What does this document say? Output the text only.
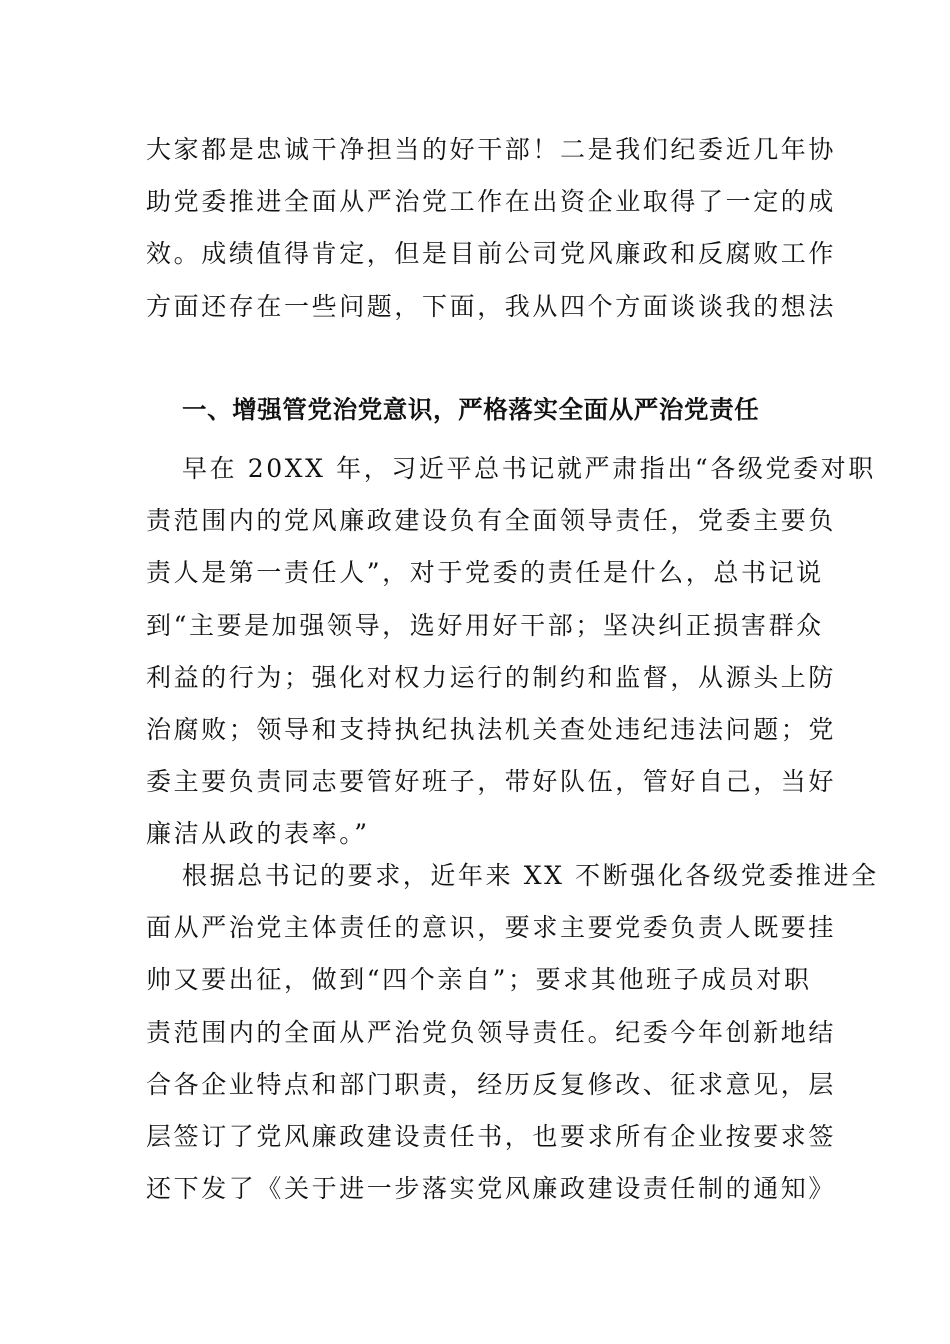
大家都是忠诚干净担当的好干部！二是我们纪委近几年协
助党委推进全面从严治党工作在出资企业取得了一定的成
效。成绩值得肯定，但是目前公司党风廉政和反腐败工作
方面还存在一些问题，下面，我从四个方面谈谈我的想法
一、增强管党治党意识，严格落实全面从严治党责任
早在 20XX 年，习近平总书记就严肃指出“各级党委对职
责范围内的党风廉政建设负有全面领导责任，党委主要负
责人是第一责任人”，对于党委的责任是什么，总书记说
到“主要是加强领导，选好用好干部；坚决纠正损害群众
利益的行为；强化对权力运行的制约和监督，从源头上防
治腐败；领导和支持执纪执法机关查处违纪违法问题；党
委主要负责同志要管好班子，带好队伍，管好自己，当好
廉洁从政的表率。”
根据总书记的要求，近年来 XX 不断强化各级党委推进全
面从严治党主体责任的意识，要求主要党委负责人既要挂
帅又要出征，做到“四个亲自”；要求其他班子成员对职
责范围内的全面从严治党负领导责任。纪委今年创新地结
合各企业特点和部门职责，经历反复修改、征求意见，层
层签订了党风廉政建设责任书，也要求所有企业按要求签
还下发了《关于进一步落实党风廉政建设责任制的通知》
